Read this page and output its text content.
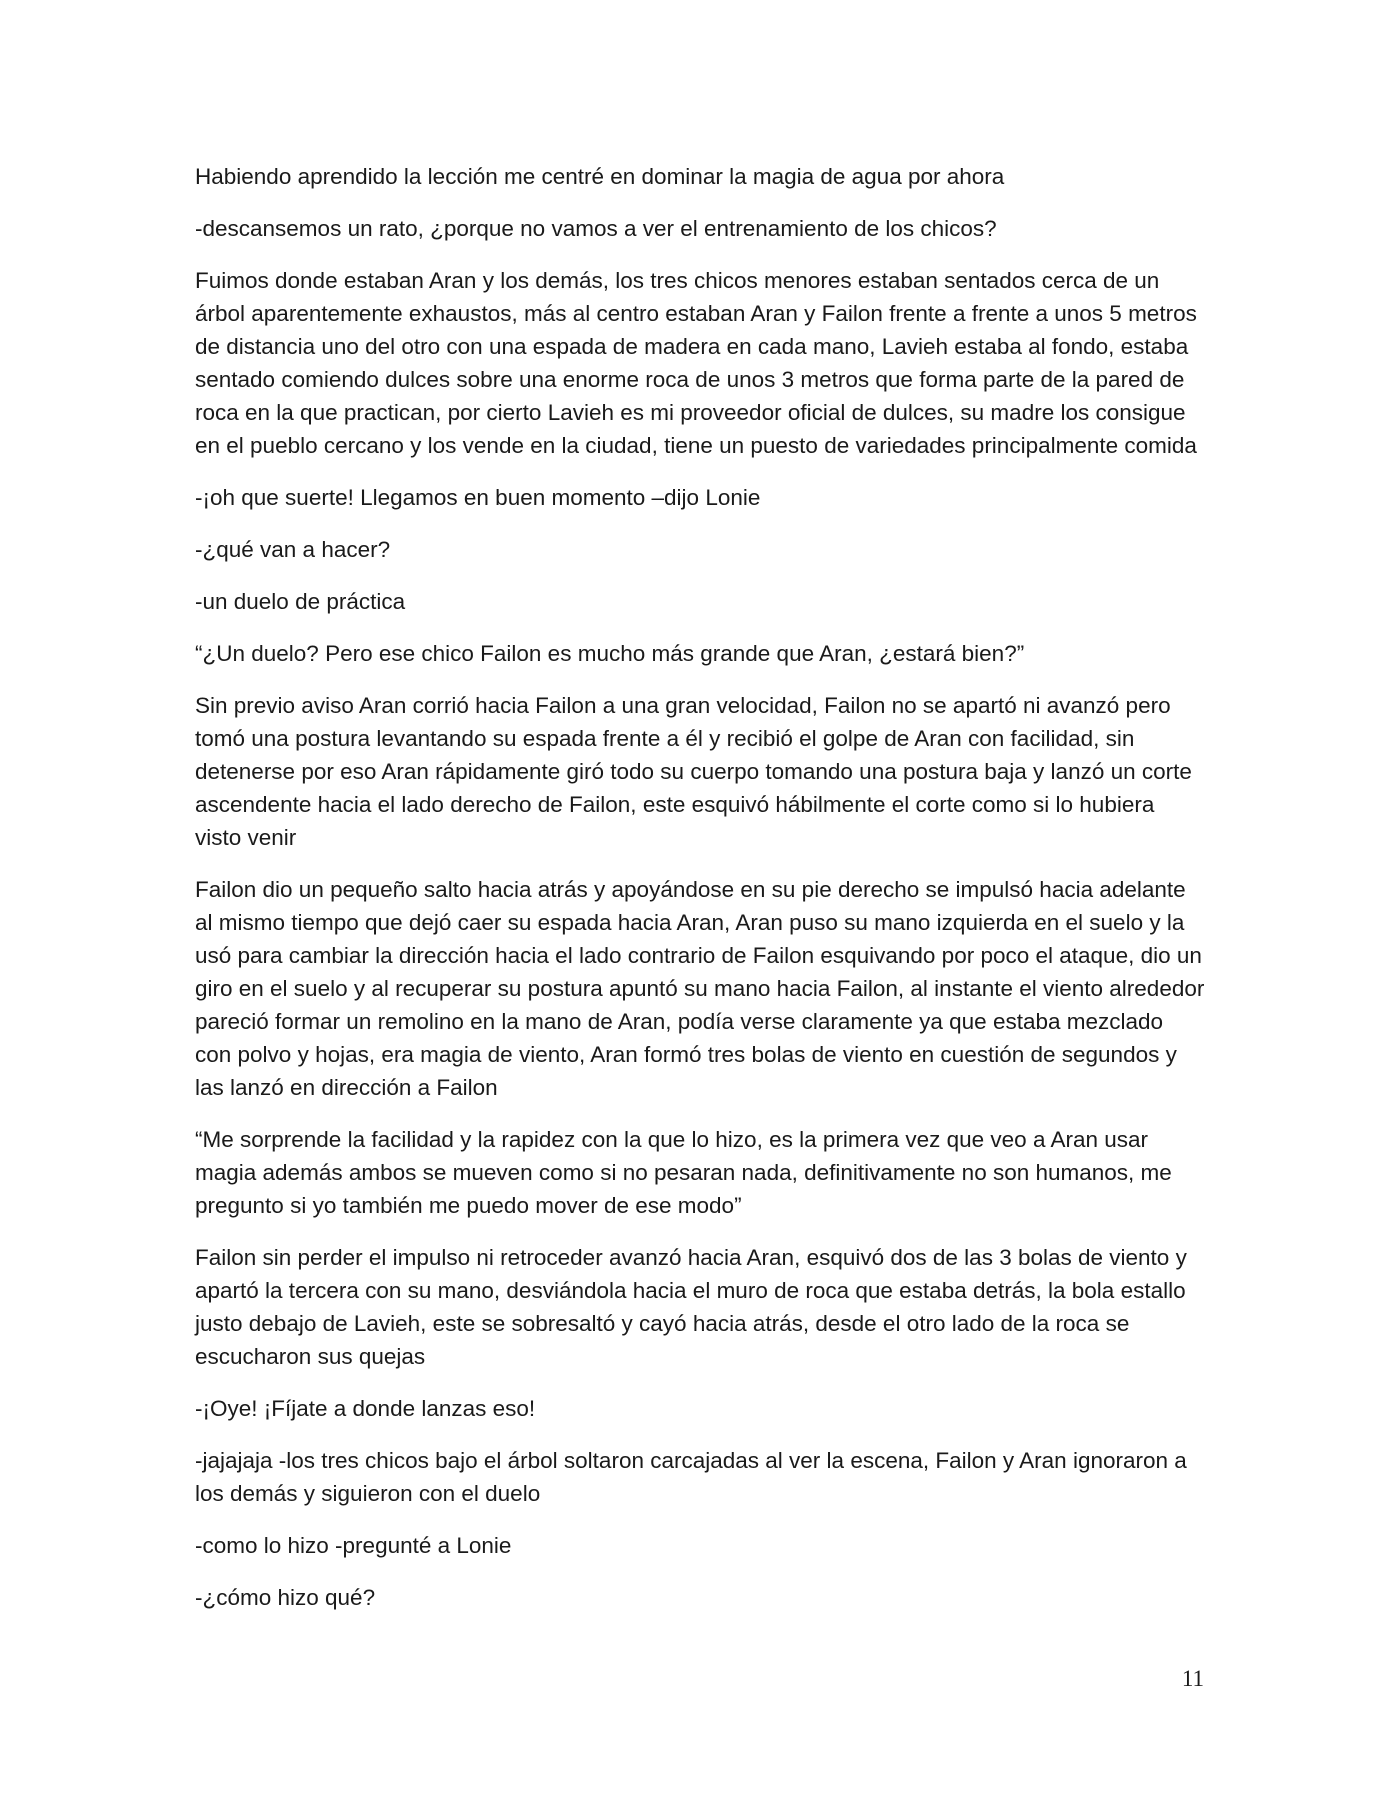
Habiendo aprendido la lección me centré en dominar la magia de agua por ahora

-descansemos un rato, ¿porque no vamos a ver el entrenamiento de los chicos?

Fuimos donde estaban Aran y los demás, los tres chicos menores estaban sentados cerca de un árbol aparentemente exhaustos, más al centro estaban Aran y Failon frente a frente a unos 5 metros de distancia uno del otro con una espada de madera en cada mano, Lavieh estaba al fondo, estaba sentado comiendo dulces sobre una enorme roca de unos 3 metros que forma parte de la pared de roca en la que practican, por cierto Lavieh es mi proveedor oficial de dulces, su madre los consigue en el pueblo cercano y los vende en la ciudad, tiene un puesto de variedades principalmente comida

-¡oh que suerte! Llegamos en buen momento –dijo Lonie

-¿qué van a hacer?

-un duelo de práctica

“¿Un duelo? Pero ese chico Failon es mucho más grande que Aran, ¿estará bien?”

Sin previo aviso Aran corrió hacia Failon a una gran velocidad, Failon no se apartó ni avanzó pero tomó una postura levantando su espada frente a él y recibió el golpe de Aran con facilidad, sin detenerse por eso Aran rápidamente giró todo su cuerpo tomando una postura baja y lanzó un corte ascendente hacia el lado derecho de Failon, este esquivó hábilmente el corte como si lo hubiera visto venir

Failon dio un pequeño salto hacia atrás y apoyándose en su pie derecho se impulsó hacia adelante al mismo tiempo que dejó caer su espada hacia Aran, Aran puso su mano izquierda en el suelo y la usó para cambiar la dirección hacia el lado contrario de Failon esquivando por poco el ataque, dio un giro en el suelo y al recuperar su postura apuntó su mano hacia Failon, al instante el viento alrededor pareció formar un remolino en la mano de Aran, podía verse claramente ya que estaba mezclado con polvo y hojas, era magia de viento, Aran formó tres bolas de viento en cuestión de segundos y las lanzó en dirección a Failon

“Me sorprende la facilidad y la rapidez con la que lo hizo, es la primera vez que veo a Aran usar magia además ambos se mueven como si no pesaran nada, definitivamente no son humanos, me pregunto si yo también me puedo mover de ese modo”

Failon sin perder el impulso ni retroceder avanzó hacia Aran, esquivó dos de las 3 bolas de viento y apartó la tercera con su mano, desviándola hacia el muro de roca que estaba detrás, la bola estallo justo debajo de Lavieh, este se sobresaltó y cayó hacia atrás, desde el otro lado de la roca se escucharon sus quejas

-¡Oye! ¡Fíjate a donde lanzas eso!

-jajajaja -los tres chicos bajo el árbol soltaron carcajadas al ver la escena, Failon y Aran ignoraron a los demás y siguieron con el duelo

-como lo hizo -pregunté a Lonie

-¿cómo hizo qué?

11
